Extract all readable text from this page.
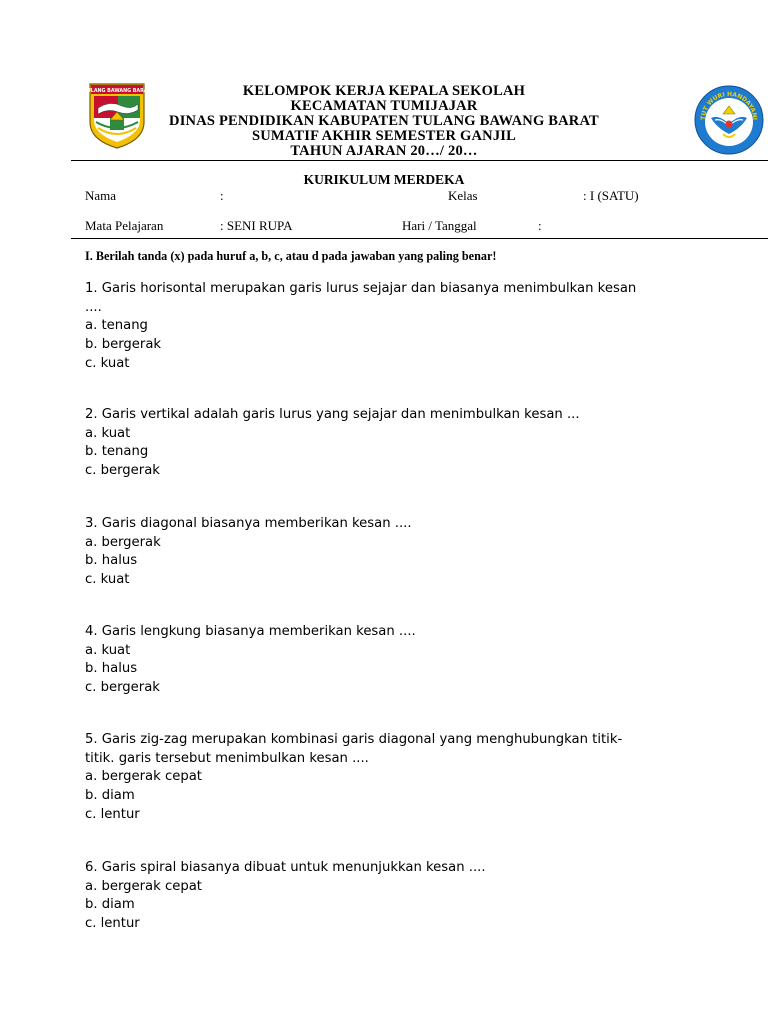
TULANG BAWANG BARAT	KELOMPOK KERJA KEPALA SEKOLAH
KECAMATAN TUMIJAJAR
DINAS PENDIDIKAN KABUPATEN TULANG BAWANG BARAT
SUMATIF AKHIR SEMESTER GANJIL
TAHUN AJARAN 20…/ 20…
TUT WURI HANDAYANI
KURIKULUM MERDEKA
Nama	:	Kelas	: I (SATU)
Mata Pelajaran	: SENI RUPA	Hari / Tanggal	:
I. Berilah tanda (x) pada huruf a, b, c, atau d pada jawaban yang paling benar!

1. Garis horisontal merupakan garis lurus sejajar dan biasanya menimbulkan kesan

....

a. tenang

b. bergerak

c. kuat

2. Garis vertikal adalah garis lurus yang sejajar dan menimbulkan kesan ...

a. kuat

b. tenang

c. bergerak

3. Garis diagonal biasanya memberikan kesan ....

a. bergerak

b. halus

c. kuat

4. Garis lengkung biasanya memberikan kesan ....

a. kuat

b. halus

c. bergerak

5. Garis zig-zag merupakan kombinasi garis diagonal yang menghubungkan titik-

titik. garis tersebut menimbulkan kesan ....

a. bergerak cepat

b. diam

c. lentur

6. Garis spiral biasanya dibuat untuk menunjukkan kesan ....

a. bergerak cepat

b. diam

c. lentur
